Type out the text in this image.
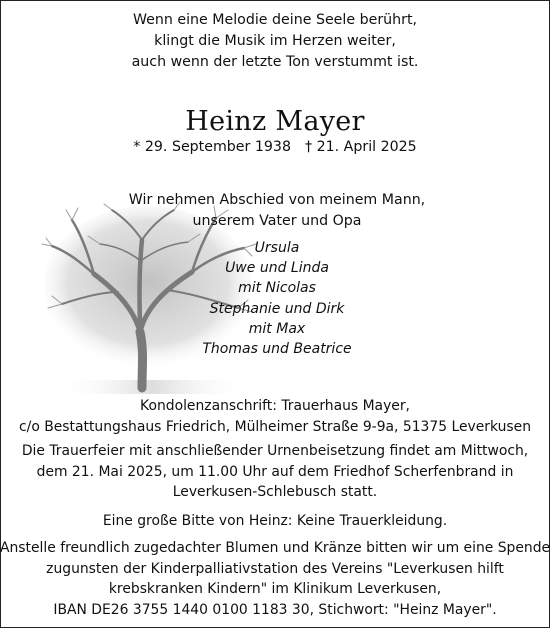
Wenn eine Melodie deine Seele berührt,
klingt die Musik im Herzen weiter,
auch wenn der letzte Ton verstummt ist.
Heinz Mayer
* 29. September 1938 † 21. April 2025
Wir nehmen Abschied von meinem Mann,
unserem Vater und Opa
Ursula
Uwe und Linda
mit Nicolas
Stephanie und Dirk
mit Max
Thomas und Beatrice
Kondolenzanschrift: Trauerhaus Mayer,
c/o Bestattungshaus Friedrich, Mülheimer Straße 9-9a, 51375 Leverkusen
Die Trauerfeier mit anschließender Urnenbeisetzung findet am Mittwoch,
dem 21. Mai 2025, um 11.00 Uhr auf dem Friedhof Scherfenbrand in
Leverkusen-Schlebusch statt.
Eine große Bitte von Heinz: Keine Trauerkleidung.
Anstelle freundlich zugedachter Blumen und Kränze bitten wir um eine Spende
zugunsten der Kinderpalliativstation des Vereins "Leverkusen hilft
krebskranken Kindern" im Klinikum Leverkusen,
IBAN DE26 3755 1440 0100 1183 30, Stichwort: "Heinz Mayer".
